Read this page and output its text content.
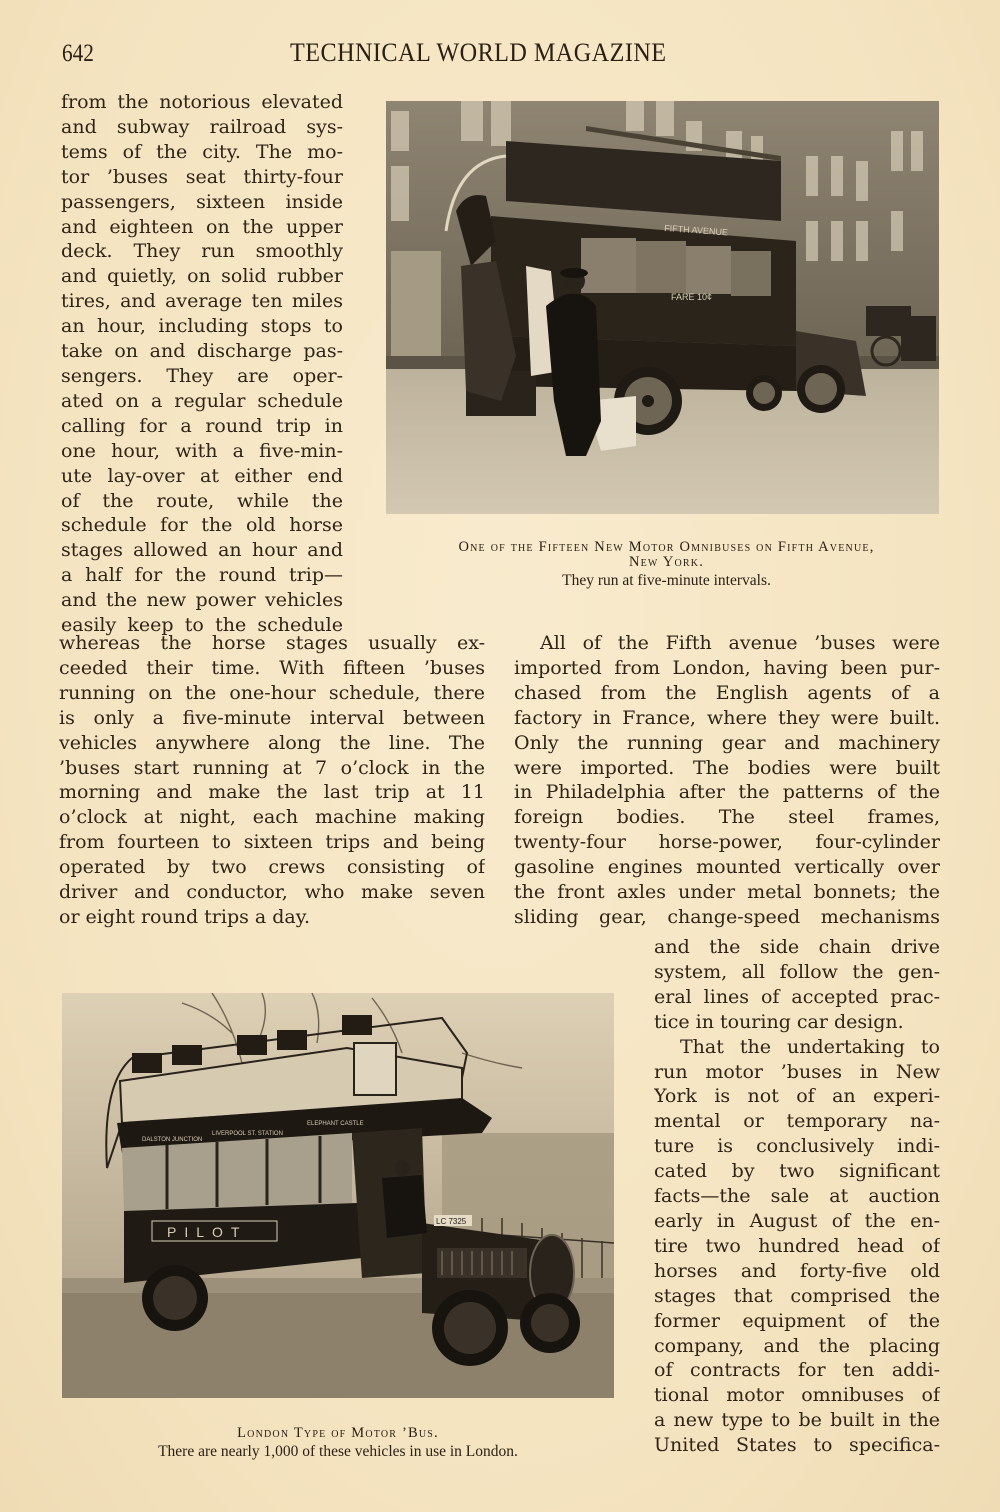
642	TECHNICAL WORLD MAGAZINE
from the notorious elevated
and subway railroad sys-
tems of the city. The mo-
tor ’buses seat thirty-four
passengers, sixteen inside
and eighteen on the upper
deck. They run smoothly
and quietly, on solid rubber
tires, and average ten miles
an hour, including stops to
take on and discharge pas-
sengers. They are oper-
ated on a regular schedule
calling for a round trip in
one hour, with a five-min-
ute lay-over at either end
of the route, while the
schedule for the old horse
stages allowed an hour and
a half for the round trip—
and the new power vehicles
easily keep to the schedule
whereas the horse stages usually ex-
ceeded their time. With fifteen ’buses
running on the one-hour schedule, there
is only a five-minute interval between
vehicles anywhere along the line. The
’buses start running at 7 o’clock in the
morning and make the last trip at 11
o’clock at night, each machine making
from fourteen to sixteen trips and being
operated by two crews consisting of
driver and conductor, who make seven
or eight round trips a day.
All of the Fifth avenue ’buses were
imported from London, having been pur-
chased from the English agents of a
factory in France, where they were built.
Only the running gear and machinery
were imported. The bodies were built
in Philadelphia after the patterns of the
foreign bodies. The steel frames,
twenty-four horse-power, four-cylinder
gasoline engines mounted vertically over
the front axles under metal bonnets; the
sliding gear, change-speed mechanisms
and the side chain drive
system, all follow the gen-
eral lines of accepted prac-
tice in touring car design.
That the undertaking to
run motor ’buses in New
York is not of an experi-
mental or temporary na-
ture is conclusively indi-
cated by two significant
facts—the sale at auction
early in August of the en-
tire two hundred head of
horses and forty-five old
stages that comprised the
former equipment of the
company, and the placing
of contracts for ten addi-
tional motor omnibuses of
a new type to be built in the
United States to specifica-
FIFTH AVENUE
FARE 10¢
One of the Fifteen New Motor Omnibuses on Fifth Avenue,
New York.
They run at five-minute intervals.
DALSTON JUNCTION
LIVERPOOL ST. STATION
ELEPHANT CASTLE
PILOT
LC 7325
London Type of Motor ’Bus.
There are nearly 1,000 of these vehicles in use in London.
